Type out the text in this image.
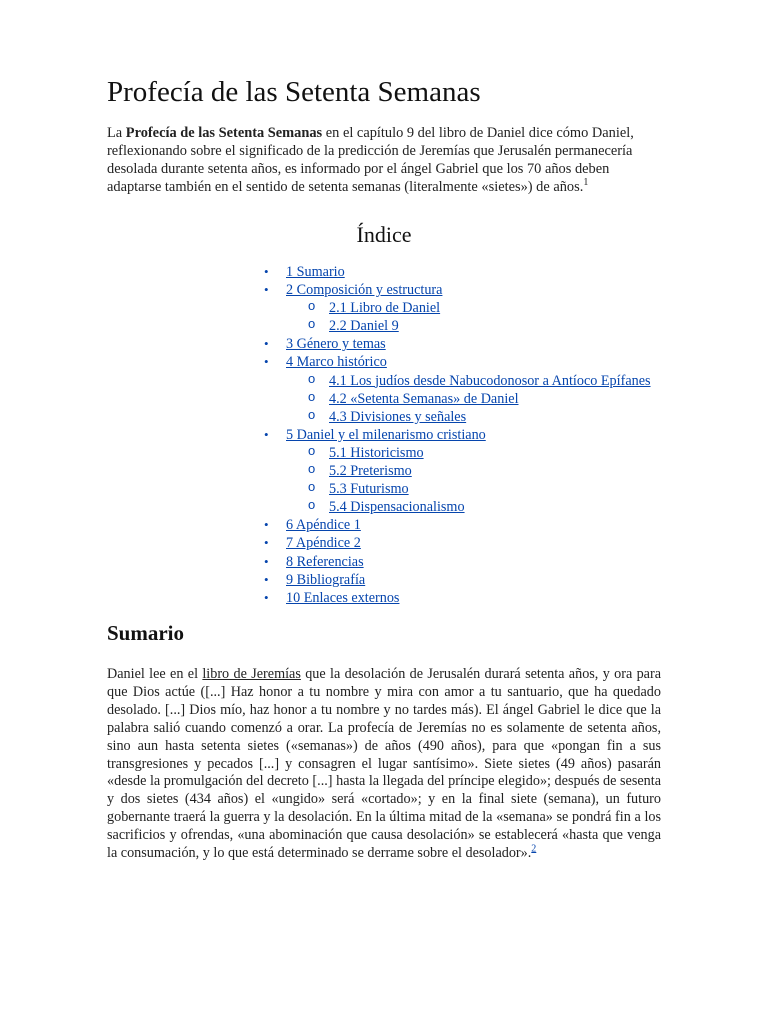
Profecía de las Setenta Semanas

La Profecía de las Setenta Semanas en el capítulo 9 del libro de Daniel dice cómo Daniel, reflexionando sobre el significado de la predicción de Jeremías que Jerusalén permanecería desolada durante setenta años, es informado por el ángel Gabriel que los 70 años deben adaptarse también en el sentido de setenta semanas (literalmente «sietes») de años.$^1$

Índice
• 1 Sumario
• 2 Composición y estructura
o 2.1 Libro de Daniel
o 2.2 Daniel 9
• 3 Género y temas
• 4 Marco histórico
o 4.1 Los judíos desde Nabucodonosor a Antíoco Epífanes
o 4.2 «Setenta Semanas» de Daniel
o 4.3 Divisiones y señales
• 5 Daniel y el milenarismo cristiano
o 5.1 Historicismo
o 5.2 Preterismo
o 5.3 Futurismo
o 5.4 Dispensacionalismo
• 6 Apéndice 1
• 7 Apéndice 2
• 8 Referencias
• 9 Bibliografía
• 10 Enlaces externos
Sumario

Daniel lee en el libro de Jeremías que la desolación de Jerusalén durará setenta años, y ora para que Dios actúe ([...] Haz honor a tu nombre y mira con amor a tu santuario, que ha quedado desolado. [...] Dios mío, haz honor a tu nombre y no tardes más). El ángel Gabriel le dice que la palabra salió cuando comenzó a orar. La profecía de Jeremías no es solamente de setenta años, sino aun hasta setenta sietes («semanas») de años (490 años), para que «pongan fin a sus transgresiones y pecados [...] y consagren el lugar santísimo». Siete sietes (49 años) pasarán «desde la promulgación del decreto [...] hasta la llegada del príncipe elegido»; después de sesenta y dos sietes (434 años) el «ungido» será «cortado»; y en la final siete (semana), un futuro gobernante traerá la guerra y la desolación. En la última mitad de la «semana» se pondrá fin a los sacrificios y ofrendas, «una abominación que causa desolación» se establecerá «hasta que venga la consumación, y lo que está determinado se derrame sobre el desolador».$^2$
